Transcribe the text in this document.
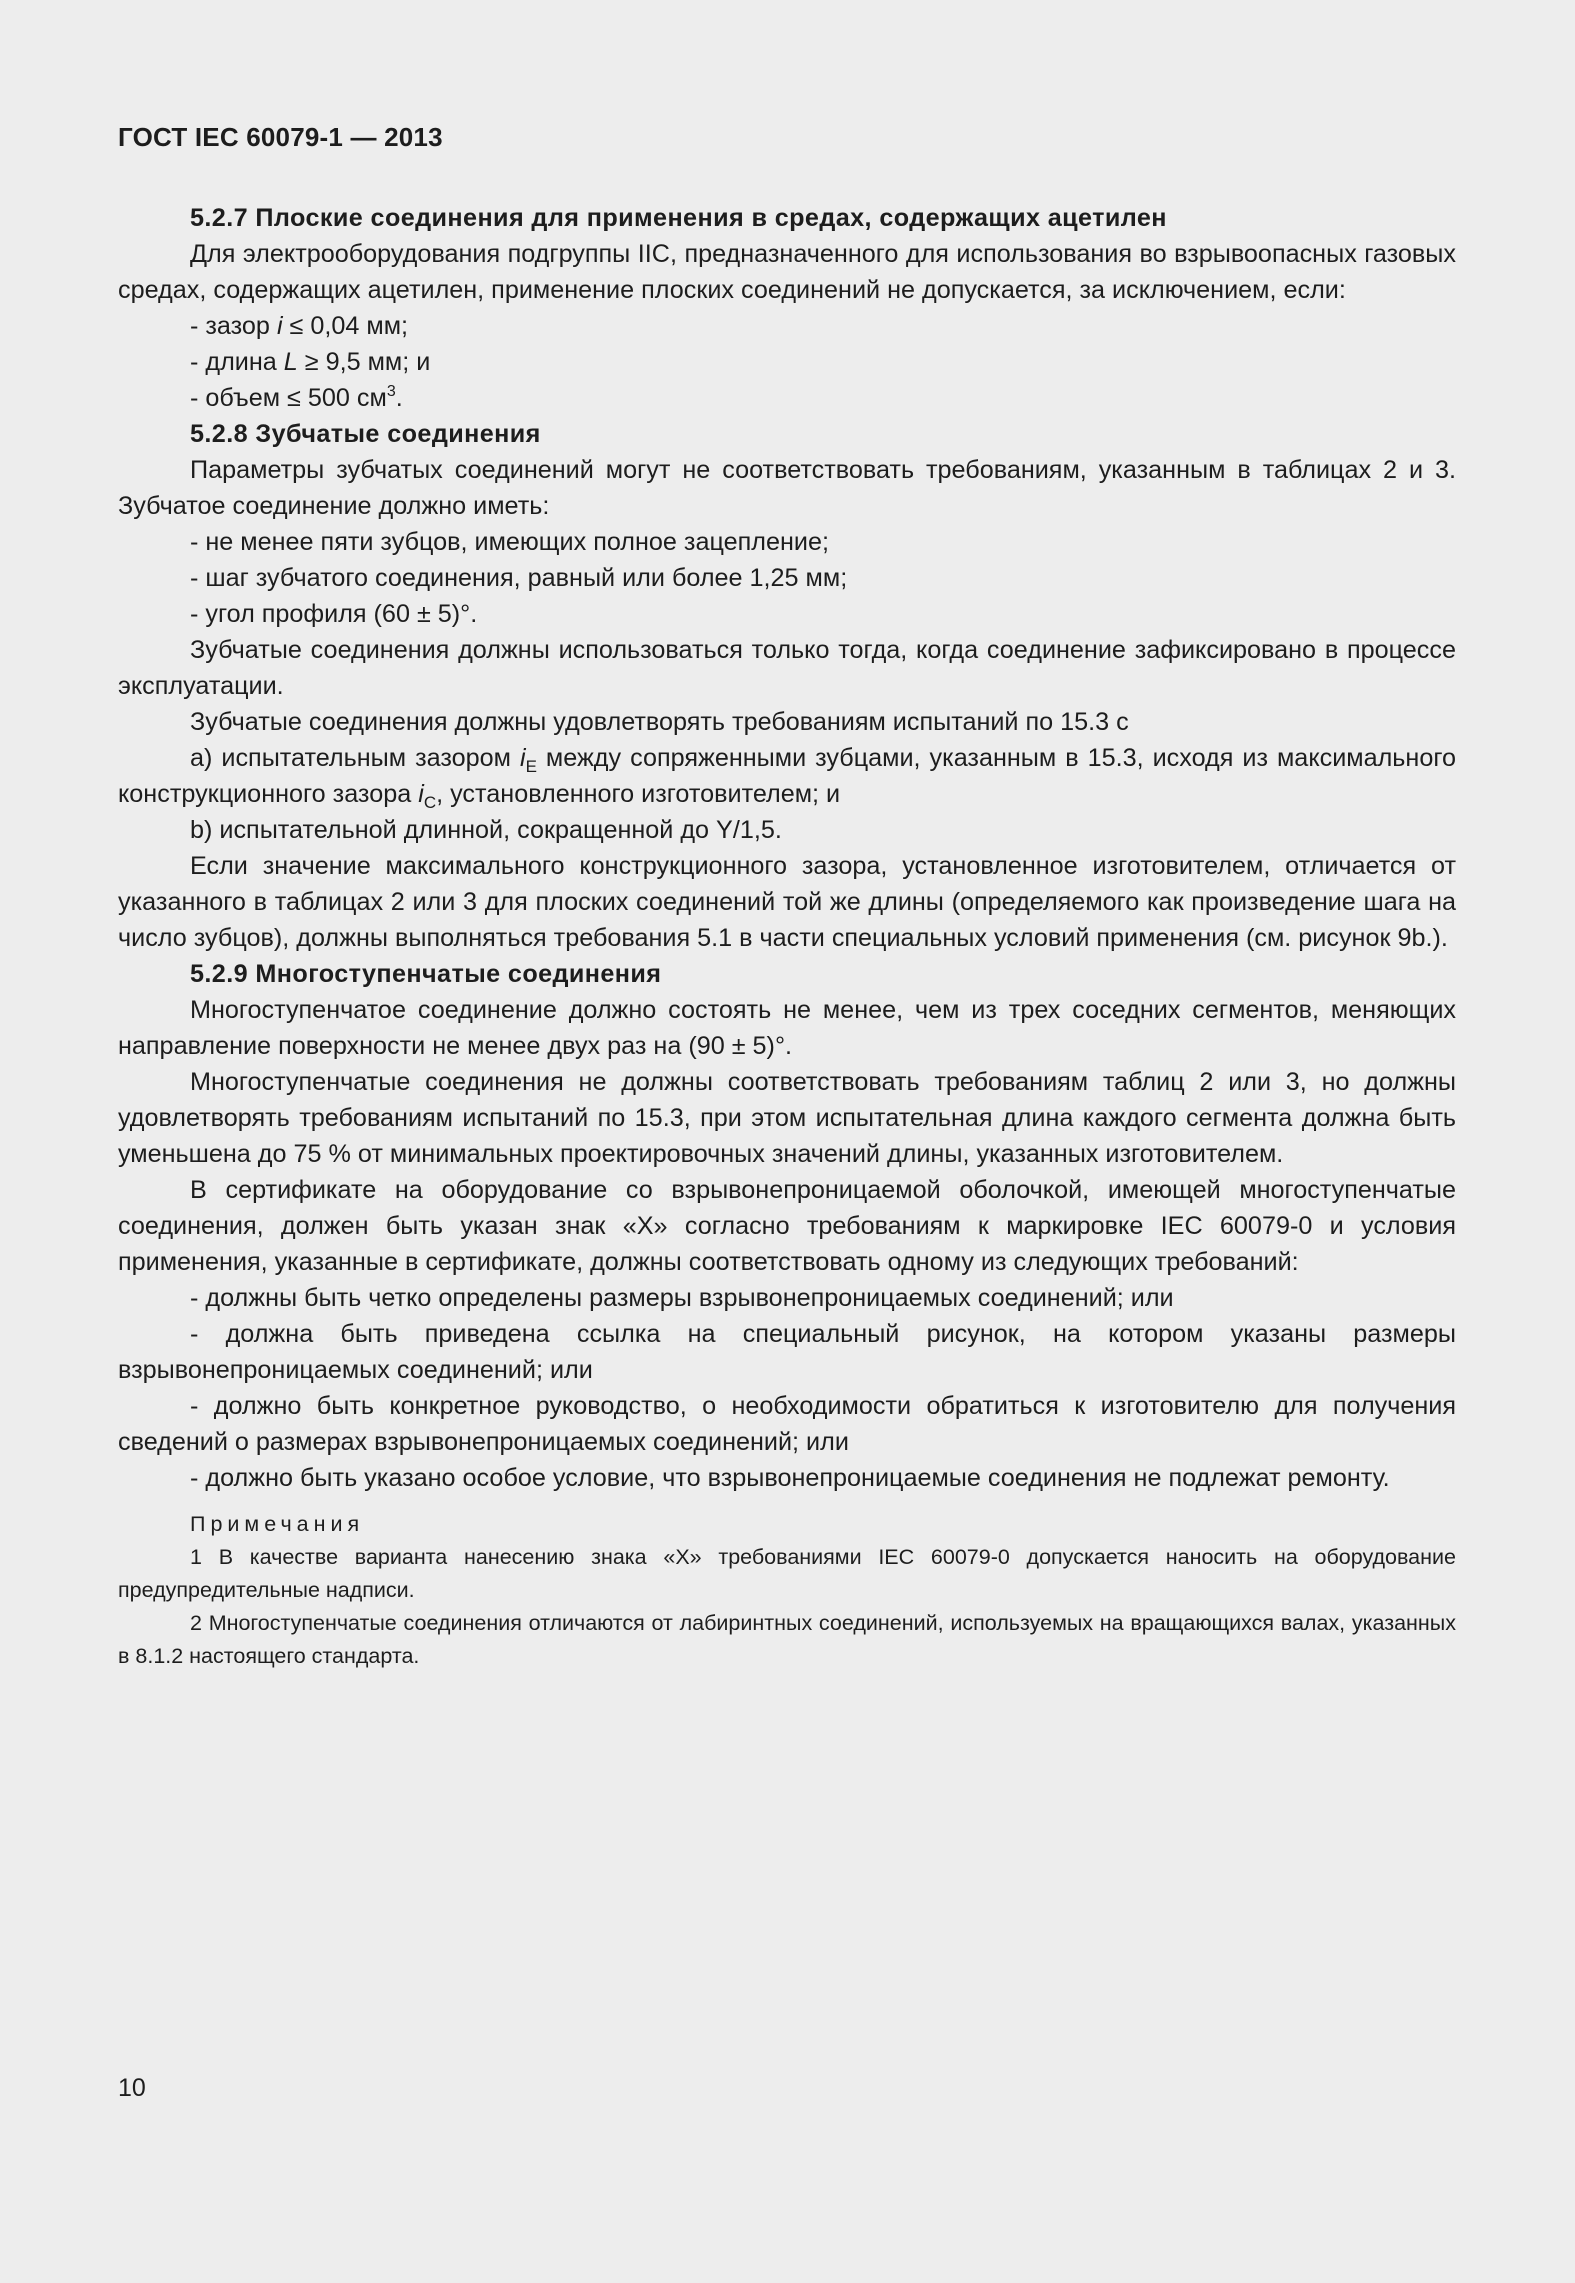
ГОСТ IEC 60079-1 — 2013

5.2.7 Плоские соединения для применения в средах, содержащих ацетилен

Для электрооборудования подгруппы IIC, предназначенного для использования во взрывоопасных газовых средах, содержащих ацетилен, применение плоских соединений не допускается, за исключением, если:

- зазор i ≤ 0,04 мм;

- длина L ≥ 9,5 мм; и

- объем ≤ 500 $см^3$.

5.2.8 Зубчатые соединения

Параметры зубчатых соединений могут не соответствовать требованиям, указанным в таблицах 2 и 3. Зубчатое соединение должно иметь:

- не менее пяти зубцов, имеющих полное зацепление;

- шаг зубчатого соединения, равный или более 1,25 мм;

- угол профиля (60 ± 5)°.

Зубчатые соединения должны использоваться только тогда, когда соединение зафиксировано в процессе эксплуатации.

Зубчатые соединения должны удовлетворять требованиям испытаний по 15.3 с

а) испытательным зазором $i_E$ между сопряженными зубцами, указанным в 15.3, исходя из максимального конструкционного зазора $i_C$, установленного изготовителем; и

b) испытательной длинной, сокращенной до Y/1,5.

Если значение максимального конструкционного зазора, установленное изготовителем, отличается от указанного в таблицах 2 или 3 для плоских соединений той же длины (определяемого как произведение шага на число зубцов), должны выполняться требования 5.1 в части специальных условий применения (см. рисунок 9b.).

5.2.9 Многоступенчатые соединения

Многоступенчатое соединение должно состоять не менее, чем из трех соседних сегментов, меняющих направление поверхности не менее двух раз на (90 ± 5)°.

Многоступенчатые соединения не должны соответствовать требованиям таблиц 2 или 3, но должны удовлетворять требованиям испытаний по 15.3, при этом испытательная длина каждого сегмента должна быть уменьшена до 75 % от минимальных проектировочных значений длины, указанных изготовителем.

В сертификате на оборудование со взрывонепроницаемой оболочкой, имеющей многоступенчатые соединения, должен быть указан знак «X» согласно требованиям к маркировке IEC 60079-0 и условия применения, указанные в сертификате, должны соответствовать одному из следующих требований:

- должны быть четко определены размеры взрывонепроницаемых соединений; или

- должна быть приведена ссылка на специальный рисунок, на котором указаны размеры взрывонепроницаемых соединений; или

- должно быть конкретное руководство, о необходимости обратиться к изготовителю для получения сведений о размерах взрывонепроницаемых соединений; или

- должно быть указано особое условие, что взрывонепроницаемые соединения не подлежат ремонту.

Примечания

1 В качестве варианта нанесению знака «X» требованиями IEC 60079-0 допускается наносить на оборудование предупредительные надписи.

2 Многоступенчатые соединения отличаются от лабиринтных соединений, используемых на вращающихся валах, указанных в 8.1.2 настоящего стандарта.

10
